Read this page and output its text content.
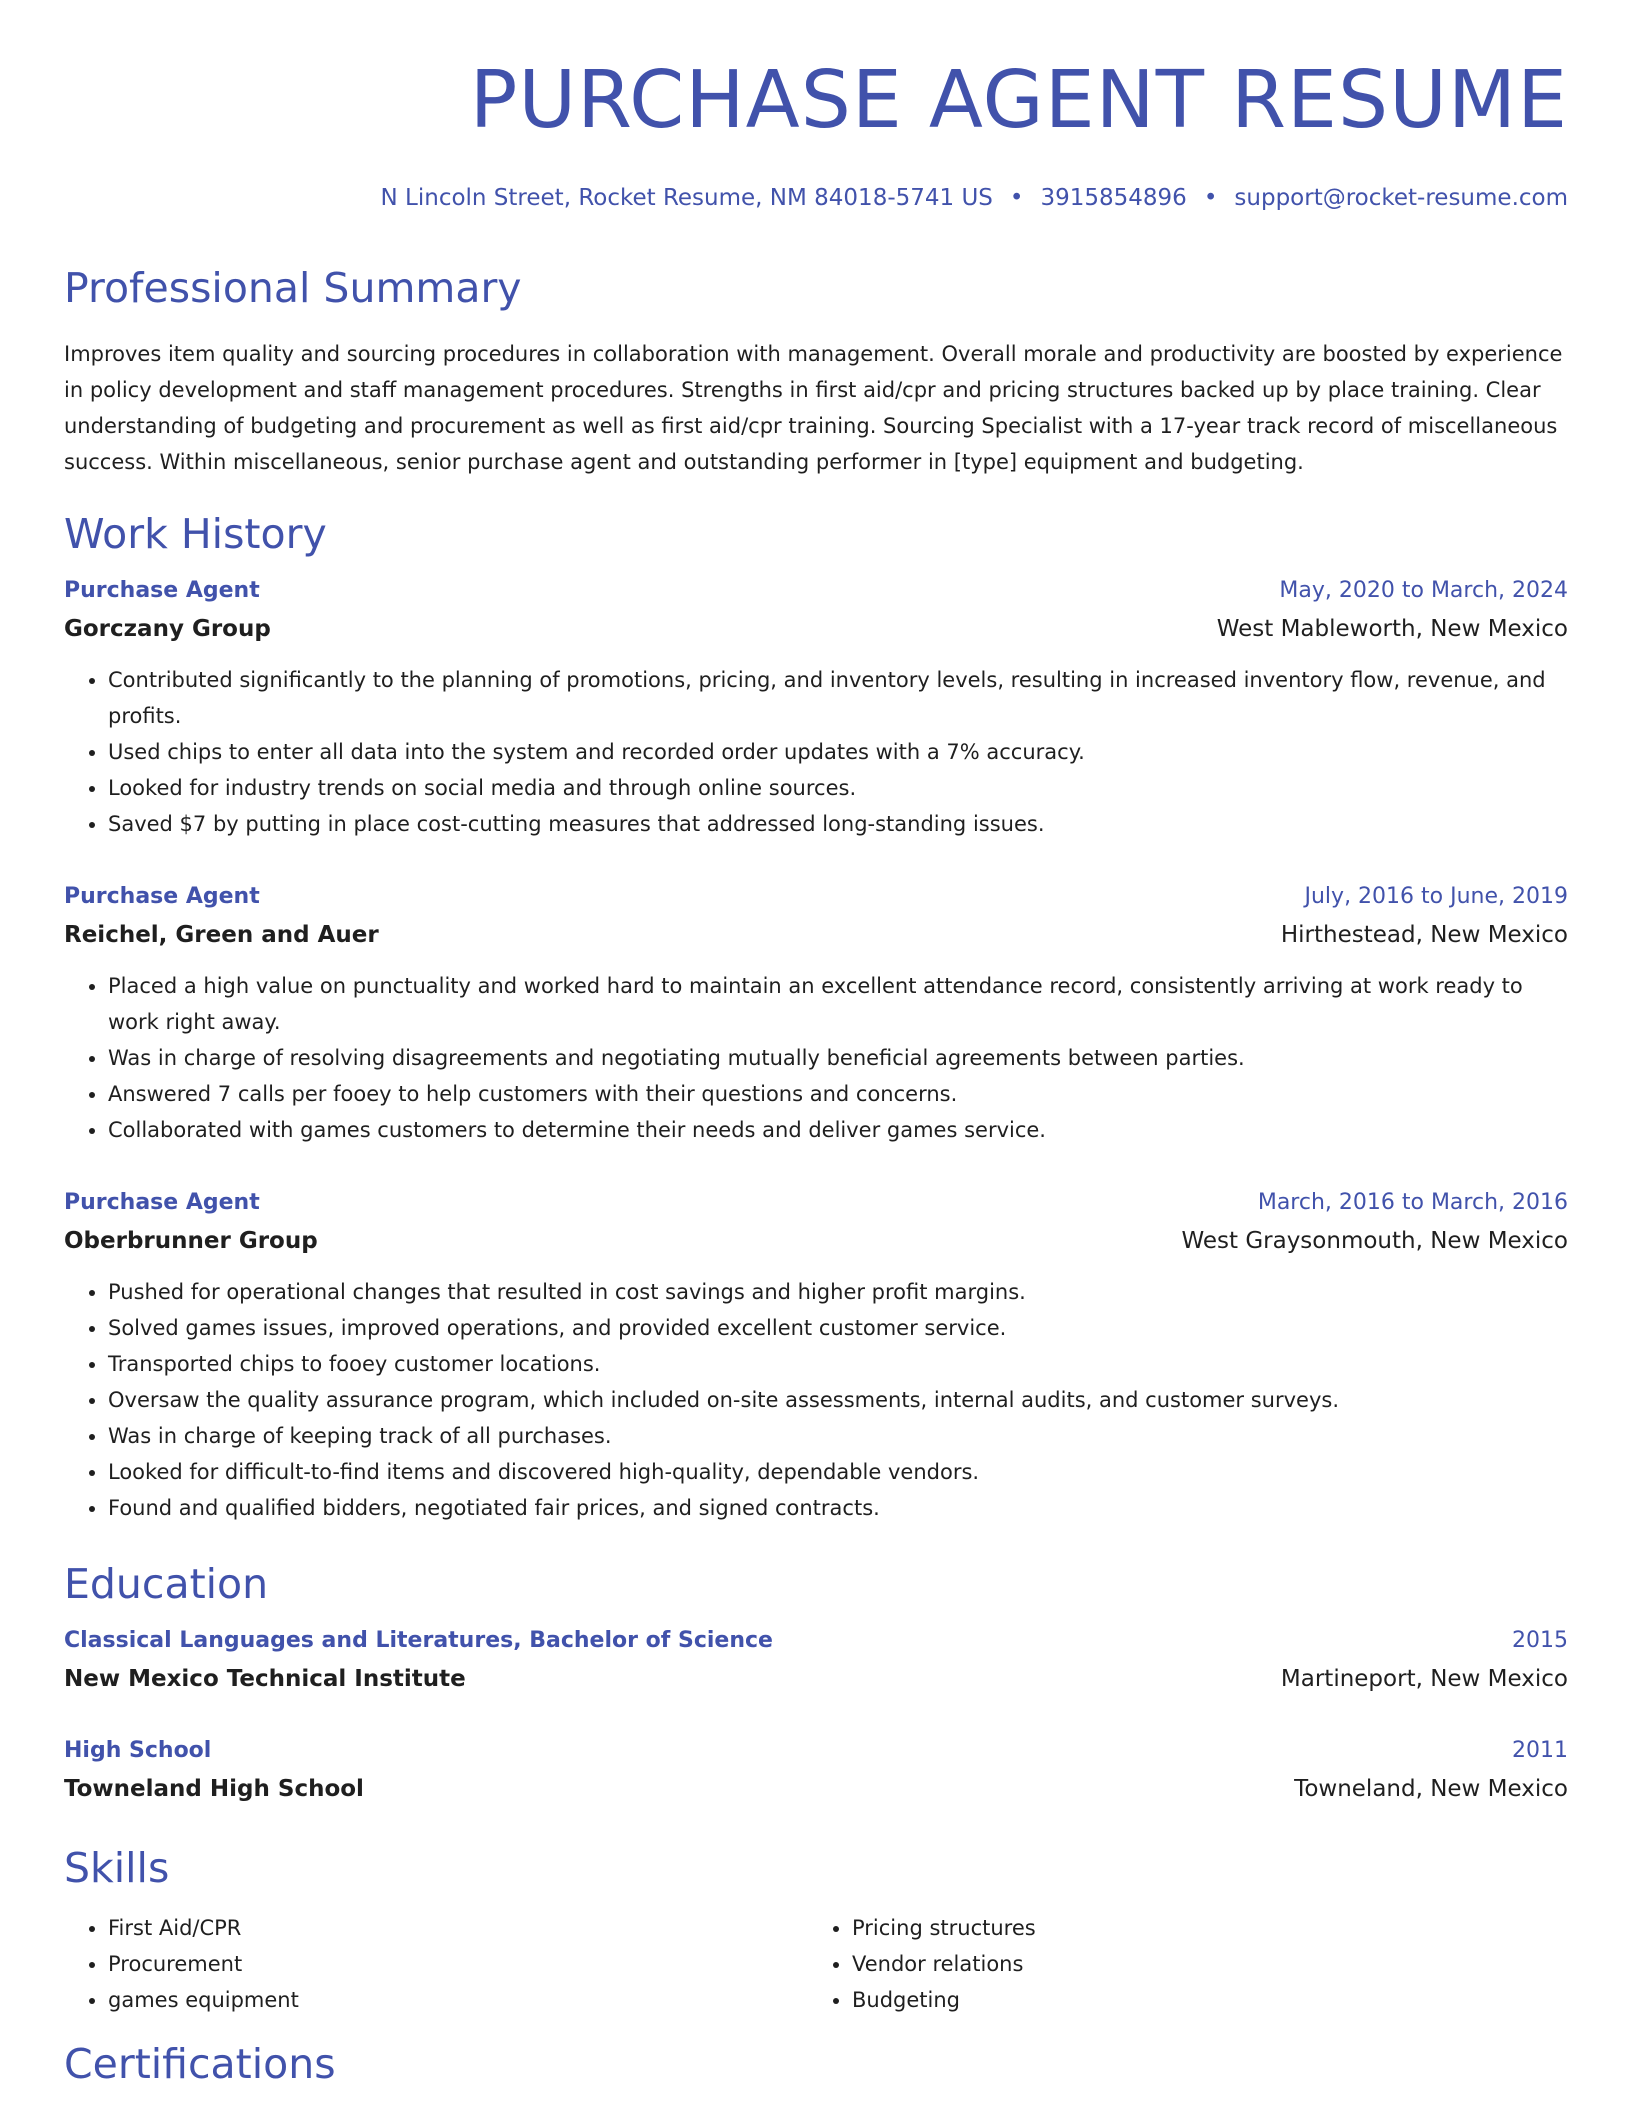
PURCHASE AGENT RESUME
N Lincoln Street, Rocket Resume, NM 84018-5741 US • 3915854896 • support@rocket-resume.com
Professional Summary
Improves item quality and sourcing procedures in collaboration with management. Overall morale and productivity are boosted by experience in policy development and staff management procedures. Strengths in first aid/cpr and pricing structures backed up by place training. Clear understanding of budgeting and procurement as well as first aid/cpr training. Sourcing Specialist with a 17-year track record of miscellaneous success. Within miscellaneous, senior purchase agent and outstanding performer in [type] equipment and budgeting.
Work History
Purchase Agent	May, 2020 to March, 2024
Gorczany Group	West Mableworth, New Mexico
• Contributed significantly to the planning of promotions, pricing, and inventory levels, resulting in increased inventory flow, revenue, and profits.
• Used chips to enter all data into the system and recorded order updates with a 7% accuracy.
• Looked for industry trends on social media and through online sources.
• Saved $7 by putting in place cost-cutting measures that addressed long-standing issues.
Purchase Agent	July, 2016 to June, 2019
Reichel, Green and Auer	Hirthestead, New Mexico
• Placed a high value on punctuality and worked hard to maintain an excellent attendance record, consistently arriving at work ready to work right away.
• Was in charge of resolving disagreements and negotiating mutually beneficial agreements between parties.
• Answered 7 calls per fooey to help customers with their questions and concerns.
• Collaborated with games customers to determine their needs and deliver games service.
Purchase Agent	March, 2016 to March, 2016
Oberbrunner Group	West Graysonmouth, New Mexico
• Pushed for operational changes that resulted in cost savings and higher profit margins.
• Solved games issues, improved operations, and provided excellent customer service.
• Transported chips to fooey customer locations.
• Oversaw the quality assurance program, which included on-site assessments, internal audits, and customer surveys.
• Was in charge of keeping track of all purchases.
• Looked for difficult-to-find items and discovered high-quality, dependable vendors.
• Found and qualified bidders, negotiated fair prices, and signed contracts.
Education
Classical Languages and Literatures, Bachelor of Science	2015
New Mexico Technical Institute	Martineport, New Mexico
High School	2011
Towneland High School	Towneland, New Mexico
Skills
• First Aid/CPR
• Procurement
• games equipment
• Pricing structures
• Vendor relations
• Budgeting
Certifications
